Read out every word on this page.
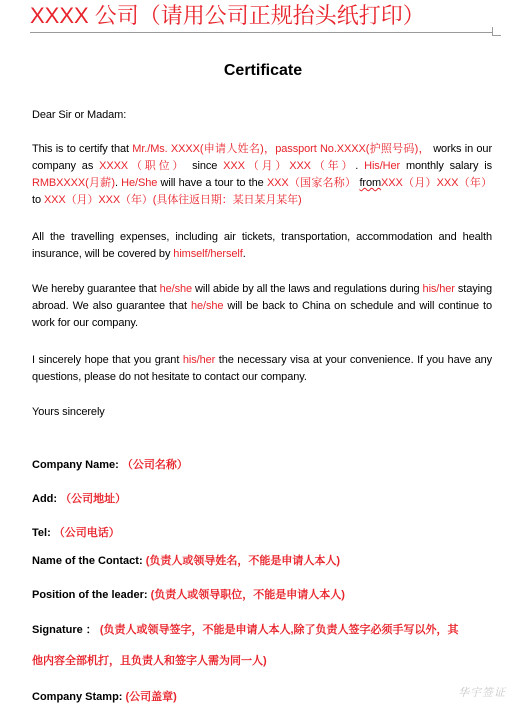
XXXX 公司（请用公司正规抬头纸打印）
Certificate
Dear Sir or Madam:
This is to certify that Mr./Ms. XXXX(申请人姓名)，passport No.XXXX(护照号码)， works in our company as XXXX（职位） since XXX（月）XXX（年）. His/Her monthly salary is RMBXXXX(月薪). He/She will have a tour to the XXX（国家名称） fromXXX（月）XXX（年） to XXX（月）XXX（年）(具体往返日期：某日某月某年)
All the travelling expenses, including air tickets, transportation, accommodation and health insurance, will be covered by himself/herself.
We hereby guarantee that he/she will abide by all the laws and regulations during his/her staying abroad. We also guarantee that he/she will be back to China on schedule and will continue to work for our company.
I sincerely hope that you grant his/her the necessary visa at your convenience. If you have any questions, please do not hesitate to contact our company.
Yours sincerely
Company Name: （公司名称）
Add: （公司地址）
Tel: （公司电话）
Name of the Contact: (负责人或领导姓名，不能是申请人本人)
Position of the leader: (负责人或领导职位，不能是申请人本人)
Signature ： (负责人或领导签字，不能是申请人本人,除了负责人签字必须手写以外，其
他内容全部机打，且负责人和签字人需为同一人)
Company Stamp: (公司盖章)	华宇签证
